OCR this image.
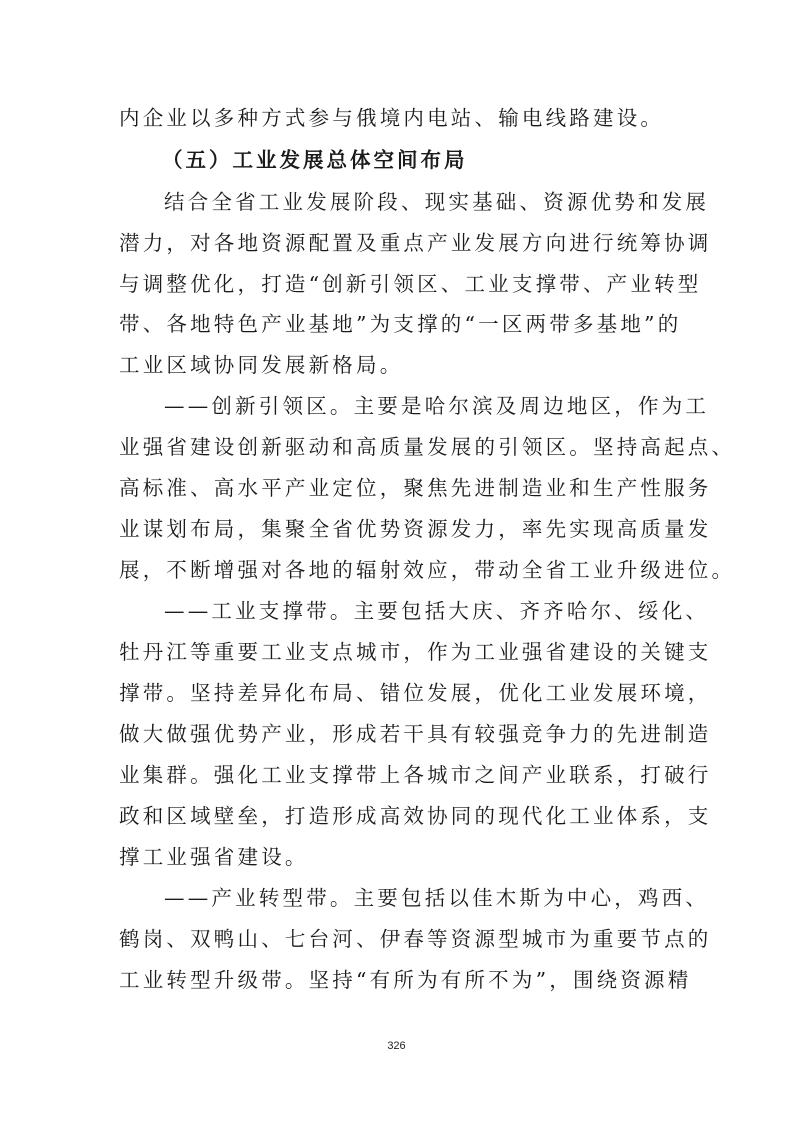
内企业以多种方式参与俄境内电站、输电线路建设。
（五）工业发展总体空间布局
结合全省工业发展阶段、现实基础、资源优势和发展
潜力，对各地资源配置及重点产业发展方向进行统筹协调
与调整优化，打造“创新引领区、工业支撑带、产业转型
带、各地特色产业基地”为支撑的“一区两带多基地”的
工业区域协同发展新格局。
——创新引领区。主要是哈尔滨及周边地区，作为工
业强省建设创新驱动和高质量发展的引领区。坚持高起点、
高标准、高水平产业定位，聚焦先进制造业和生产性服务
业谋划布局，集聚全省优势资源发力，率先实现高质量发
展，不断增强对各地的辐射效应，带动全省工业升级进位。
——工业支撑带。主要包括大庆、齐齐哈尔、绥化、
牡丹江等重要工业支点城市，作为工业强省建设的关键支
撑带。坚持差异化布局、错位发展，优化工业发展环境，
做大做强优势产业，形成若干具有较强竞争力的先进制造
业集群。强化工业支撑带上各城市之间产业联系，打破行
政和区域壁垒，打造形成高效协同的现代化工业体系，支
撑工业强省建设。
——产业转型带。主要包括以佳木斯为中心，鸡西、
鹤岗、双鸭山、七台河、伊春等资源型城市为重要节点的
工业转型升级带。坚持“有所为有所不为”，围绕资源精
326
